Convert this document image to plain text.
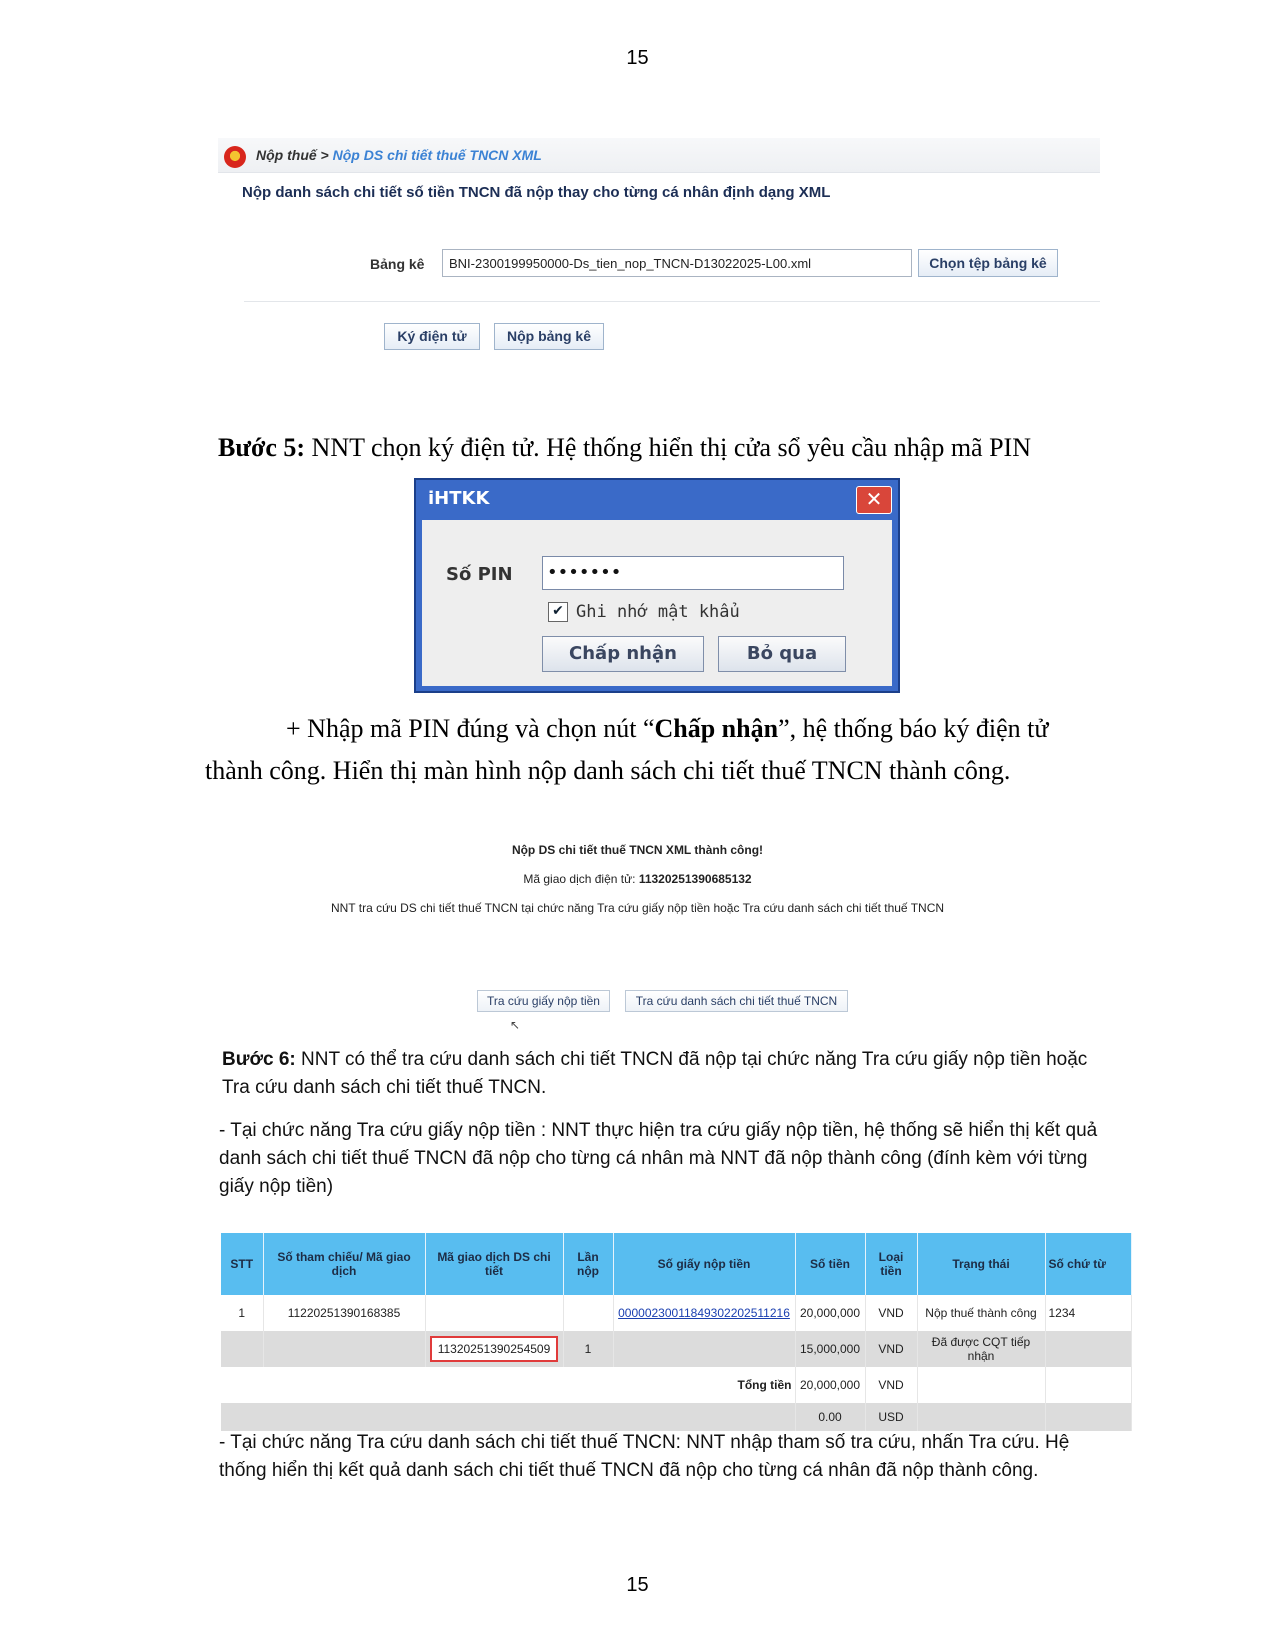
15
Nộp thuế > Nộp DS chi tiết thuế TNCN XML
Nộp danh sách chi tiết số tiền TNCN đã nộp thay cho từng cá nhân định dạng XML
Bảng kê
BNI-2300199950000-Ds_tien_nop_TNCN-D13022025-L00.xml	Chọn tệp bảng kê
Ký điện tử	Nộp bảng kê
Bước 5: NNT chọn ký điện tử. Hệ thống hiển thị cửa sổ yêu cầu nhập mã PIN
iHTKK	✕
Số PIN •••••••
✔ Ghi nhớ mật khẩu
Chấp nhận	Bỏ qua
+ Nhập mã PIN đúng và chọn nút “Chấp nhận”, hệ thống báo ký điện tử
thành công. Hiển thị màn hình nộp danh sách chi tiết thuế TNCN thành công.
Nộp DS chi tiết thuế TNCN XML thành công!
Mã giao dịch điện tử: 11320251390685132
NNT tra cứu DS chi tiết thuế TNCN tại chức năng Tra cứu giấy nộp tiền hoặc Tra cứu danh sách chi tiết thuế TNCN
Tra cứu giấy nộp tiền	Tra cứu danh sách chi tiết thuế TNCN
↖
Bước 6: NNT có thể tra cứu danh sách chi tiết TNCN đã nộp tại chức năng Tra cứu giấy nộp tiền hoặc Tra cứu danh sách chi tiết thuế TNCN.
- Tại chức năng Tra cứu giấy nộp tiền : NNT thực hiện tra cứu giấy nộp tiền, hệ thống sẽ hiển thị kết quả danh sách chi tiết thuế TNCN đã nộp cho từng cá nhân mà NNT đã nộp thành công (đính kèm với từng giấy nộp tiền)
STT	Số tham chiếu/ Mã giao dịch	Mã giao dịch DS chi tiết	Lần nộp	Số giấy nộp tiền	Số tiền	Loại tiền	Trạng thái	Số chứ từ
1	11220251390168385			00000230011849302202511216	20,000,000	VND	Nộp thuế thành công	1234
		11320251390254509	1		15,000,000	VND	Đã được CQT tiếp nhận	
Tổng tiền					20,000,000	VND		
					0.00	USD		
- Tại chức năng Tra cứu danh sách chi tiết thuế TNCN: NNT nhập tham số tra cứu, nhấn Tra cứu. Hệ thống hiển thị kết quả danh sách chi tiết thuế TNCN đã nộp cho từng cá nhân đã nộp thành công.
15
